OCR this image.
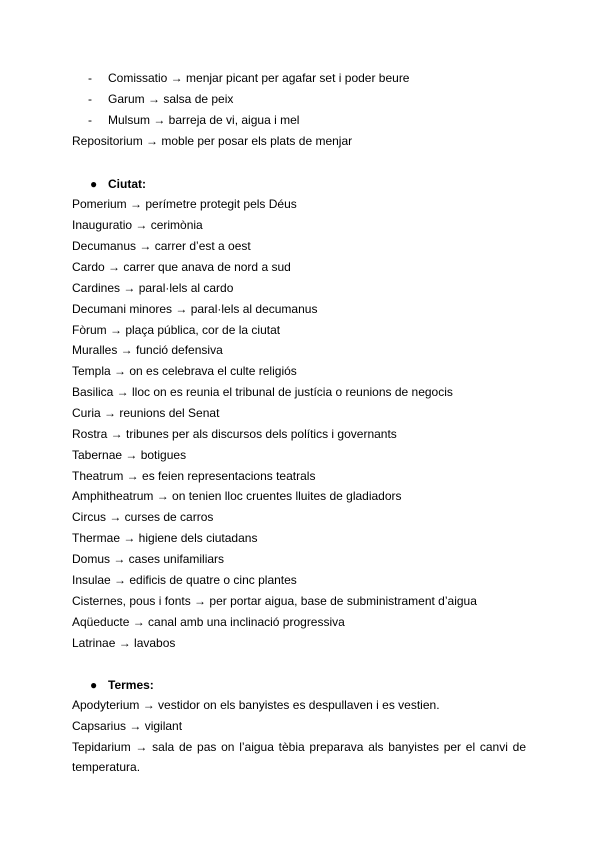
- Comissatio → menjar picant per agafar set i poder beure
- Garum → salsa de peix
- Mulsum → barreja de vi, aigua i mel
Repositorium → moble per posar els plats de menjar
● Ciutat:
Pomerium → perímetre protegit pels Déus
Inauguratio → cerimònia
Decumanus → carrer d’est a oest
Cardo → carrer que anava de nord a sud
Cardines → paral·lels al cardo
Decumani minores → paral·lels al decumanus
Fòrum → plaça pública, cor de la ciutat
Muralles → funció defensiva
Templa → on es celebrava el culte religiós
Basilica → lloc on es reunia el tribunal de justícia o reunions de negocis
Curia → reunions del Senat
Rostra → tribunes per als discursos dels polítics i governants
Tabernae → botigues
Theatrum → es feien representacions teatrals
Amphitheatrum → on tenien lloc cruentes lluites de gladiadors
Circus → curses de carros
Thermae → higiene dels ciutadans
Domus → cases unifamiliars
Insulae → edificis de quatre o cinc plantes
Cisternes, pous i fonts → per portar aigua, base de subministrament d’aigua
Aqüeducte → canal amb una inclinació progressiva
Latrinae → lavabos
● Termes:
Apodyterium → vestidor on els banyistes es despullaven i es vestien.
Capsarius → vigilant
Tepidarium → sala de pas on l’aigua tèbia preparava als banyistes per el canvi de temperatura.
